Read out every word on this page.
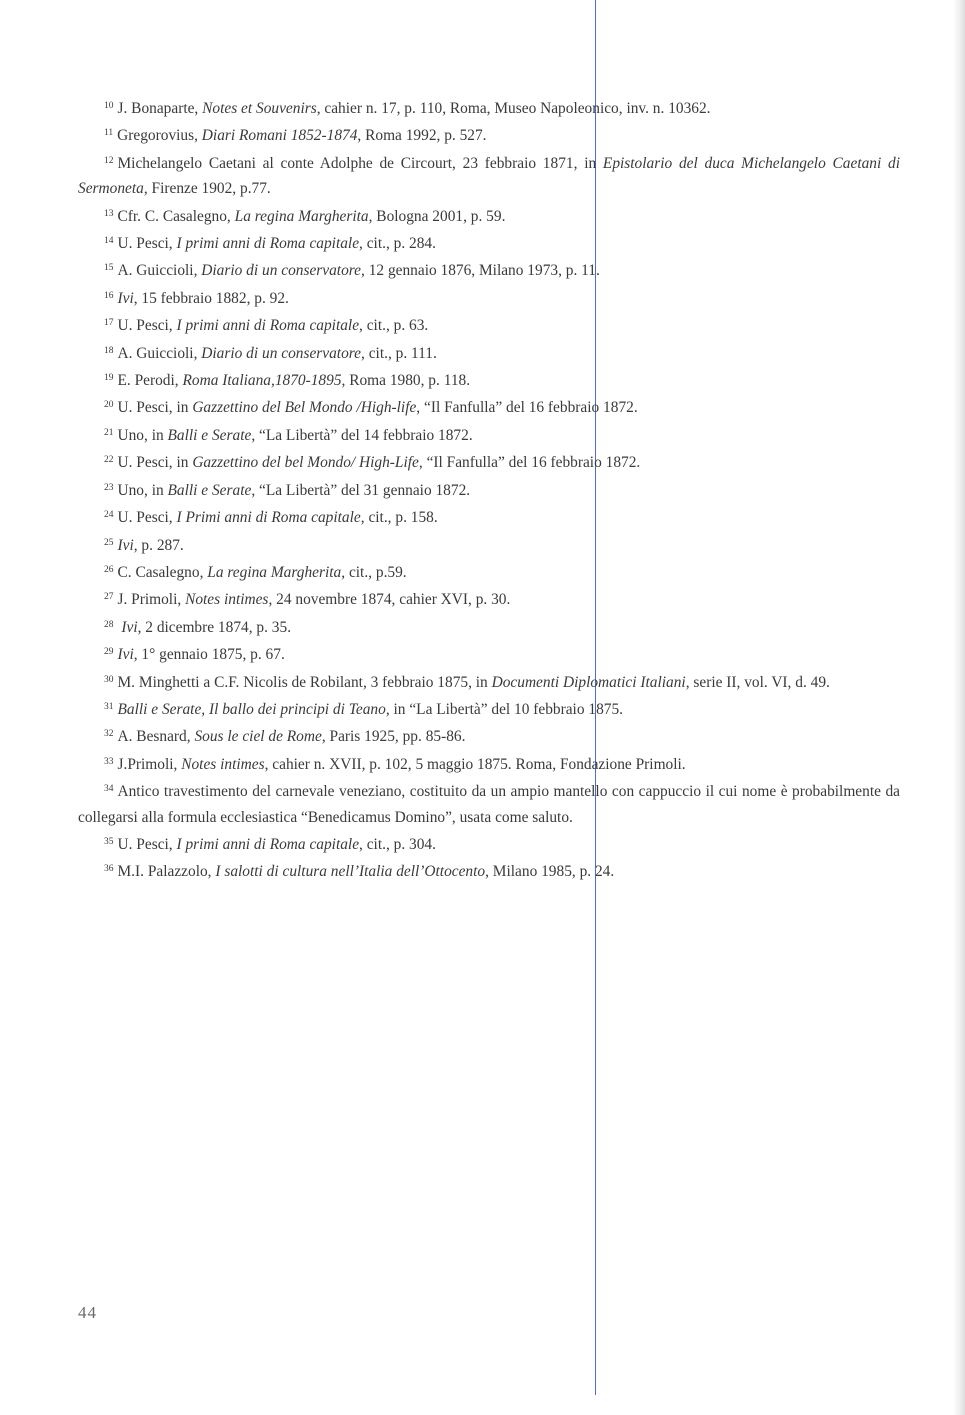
$^{10}$ J. Bonaparte, Notes et Souvenirs, cahier n. 17, p. 110, Roma, Museo Napoleonico, inv. n. 10362.

$^{11}$ Gregorovius, Diari Romani 1852-1874, Roma 1992, p. 527.

$^{12}$ Michelangelo Caetani al conte Adolphe de Circourt, 23 febbraio 1871, in Epistolario del duca Michelangelo Caetani di Sermoneta, Firenze 1902, p.77.

$^{13}$ Cfr. C. Casalegno, La regina Margherita, Bologna 2001, p. 59.

$^{14}$ U. Pesci, I primi anni di Roma capitale, cit., p. 284.

$^{15}$ A. Guiccioli, Diario di un conservatore, 12 gennaio 1876, Milano 1973, p. 11.

$^{16}$ Ivi, 15 febbraio 1882, p. 92.

$^{17}$ U. Pesci, I primi anni di Roma capitale, cit., p. 63.

$^{18}$ A. Guiccioli, Diario di un conservatore, cit., p. 111.

$^{19}$ E. Perodi, Roma Italiana,1870-1895, Roma 1980, p. 118.

$^{20}$ U. Pesci, in Gazzettino del Bel Mondo /High-life, “Il Fanfulla” del 16 febbraio 1872.

$^{21}$ Uno, in Balli e Serate, “La Libertà” del 14 febbraio 1872.

$^{22}$ U. Pesci, in Gazzettino del bel Mondo/ High-Life, “Il Fanfulla” del 16 febbraio 1872.

$^{23}$ Uno, in Balli e Serate, “La Libertà” del 31 gennaio 1872.

$^{24}$ U. Pesci, I Primi anni di Roma capitale, cit., p. 158.

$^{25}$ Ivi, p. 287.

$^{26}$ C. Casalegno, La regina Margherita, cit., p.59.

$^{27}$ J. Primoli, Notes intimes, 24 novembre 1874, cahier XVI, p. 30.

$^{28}$ Ivi, 2 dicembre 1874, p. 35.

$^{29}$ Ivi, 1° gennaio 1875, p. 67.

$^{30}$ M. Minghetti a C.F. Nicolis de Robilant, 3 febbraio 1875, in Documenti Diplomatici Italiani, serie II, vol. VI, d. 49.

$^{31}$ Balli e Serate, Il ballo dei principi di Teano, in “La Libertà” del 10 febbraio 1875.

$^{32}$ A. Besnard, Sous le ciel de Rome, Paris 1925, pp. 85-86.

$^{33}$ J.Primoli, Notes intimes, cahier n. XVII, p. 102, 5 maggio 1875. Roma, Fondazione Primoli.

$^{34}$ Antico travestimento del carnevale veneziano, costituito da un ampio mantello con cappuccio il cui nome è probabilmente da collegarsi alla formula ecclesiastica “Benedicamus Domino”, usata come saluto.

$^{35}$ U. Pesci, I primi anni di Roma capitale, cit., p. 304.

$^{36}$ M.I. Palazzolo, I salotti di cultura nell’Italia dell’Ottocento, Milano 1985, p. 24.

44
